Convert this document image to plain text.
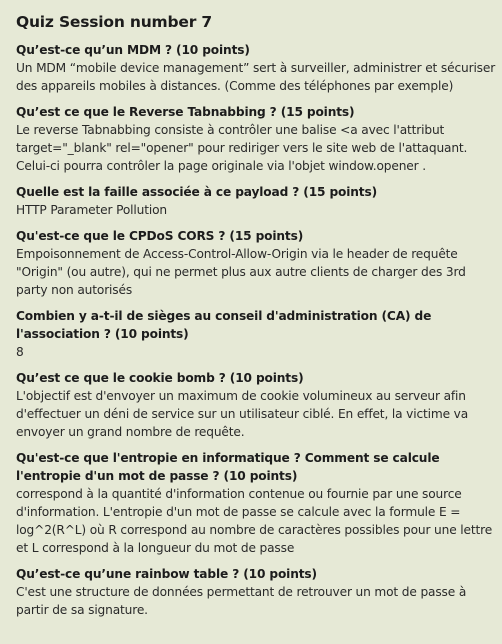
Quiz Session number 7
Qu’est-ce qu’un MDM ? (10 points)
Un MDM “mobile device management” sert à surveiller, administrer et sécuriser des appareils mobiles à distances. (Comme des téléphones par exemple)
Qu’est ce que le Reverse Tabnabbing ? (15 points)
Le reverse Tabnabbing consiste à contrôler une balise <a avec l'attribut target="_blank" rel="opener" pour rediriger vers le site web de l'attaquant. Celui-ci pourra contrôler la page originale via l'objet window.opener .
Quelle est la faille associée à ce payload ? (15 points)
HTTP Parameter Pollution
Qu'est-ce que le CPDoS CORS ? (15 points)
Empoisonnement de Access-Control-Allow-Origin via le header de requête "Origin" (ou autre), qui ne permet plus aux autre clients de charger des 3rd party non autorisés
Combien y a-t-il de sièges au conseil d'administration (CA) de l'association ? (10 points)
8
Qu’est ce que le cookie bomb ? (10 points)
L'objectif est d'envoyer un maximum de cookie volumineux au serveur afin d'effectuer un déni de service sur un utilisateur ciblé. En effet, la victime va envoyer un grand nombre de requête.
Qu'est-ce que l'entropie en informatique ? Comment se calcule l'entropie d'un mot de passe ? (10 points)
correspond à la quantité d'information contenue ou fournie par une source d'information. L'entropie d'un mot de passe se calcule avec la formule E = log^2(R^L) où R correspond au nombre de caractères possibles pour une lettre et L correspond à la longueur du mot de passe
Qu’est-ce qu’une rainbow table ? (10 points)
C'est une structure de données permettant de retrouver un mot de passe à partir de sa signature.
